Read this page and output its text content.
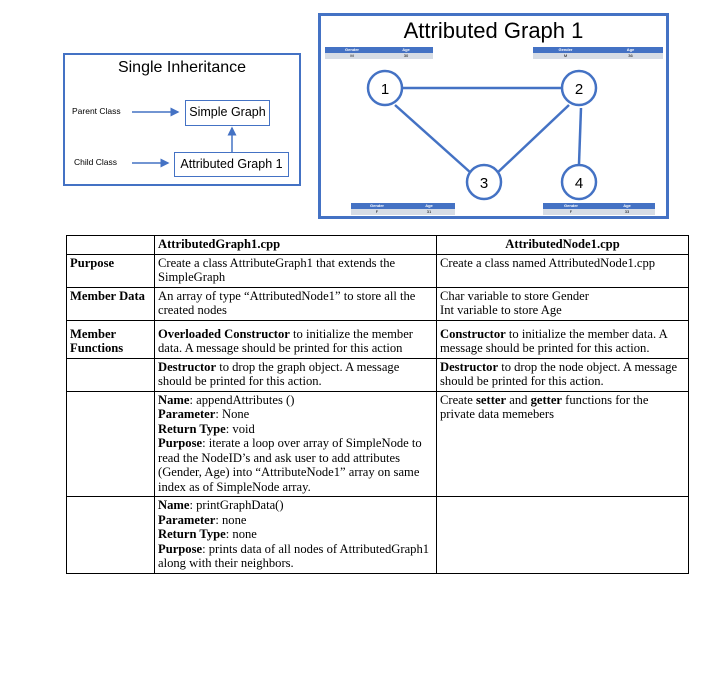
Single Inheritance
Parent Class
Child Class
Simple Graph
Attributed Graph 1
1	2
3	4
Attributed Graph 1
Gender	Age
M	30
Gender	Age
M	36
Gender	Age
F	31
Gender	Age
F	33
	AttributedGraph1.cpp	AttributedNode1.cpp
Purpose	Create a class AttributeGraph1 that extends the SimpleGraph	Create a class named AttributedNode1.cpp
Member Data	An array of type “AttributedNode1” to store all the created nodes	Char variable to store Gender
Int variable to store Age

Member Functions	Overloaded Constructor to initialize the member data. A message should be printed for this action	Constructor to initialize the member data. A message should be printed for this action.
	Destructor to drop the graph object. A message should be printed for this action.	Destructor to drop the node object. A message should be printed for this action.

	Name: appendAttributes ()
Parameter: None
Return Type: void
Purpose: iterate a loop over array of SimpleNode to read the NodeID’s and ask user to add attributes (Gender, Age) into “AttributeNode1” array on same index as of SimpleNode array.	Create setter and getter functions for the private data memebers

	Name: printGraphData()
Parameter: none
Return Type: none
Purpose: prints data of all nodes of AttributedGraph1 along with their neighbors.	
